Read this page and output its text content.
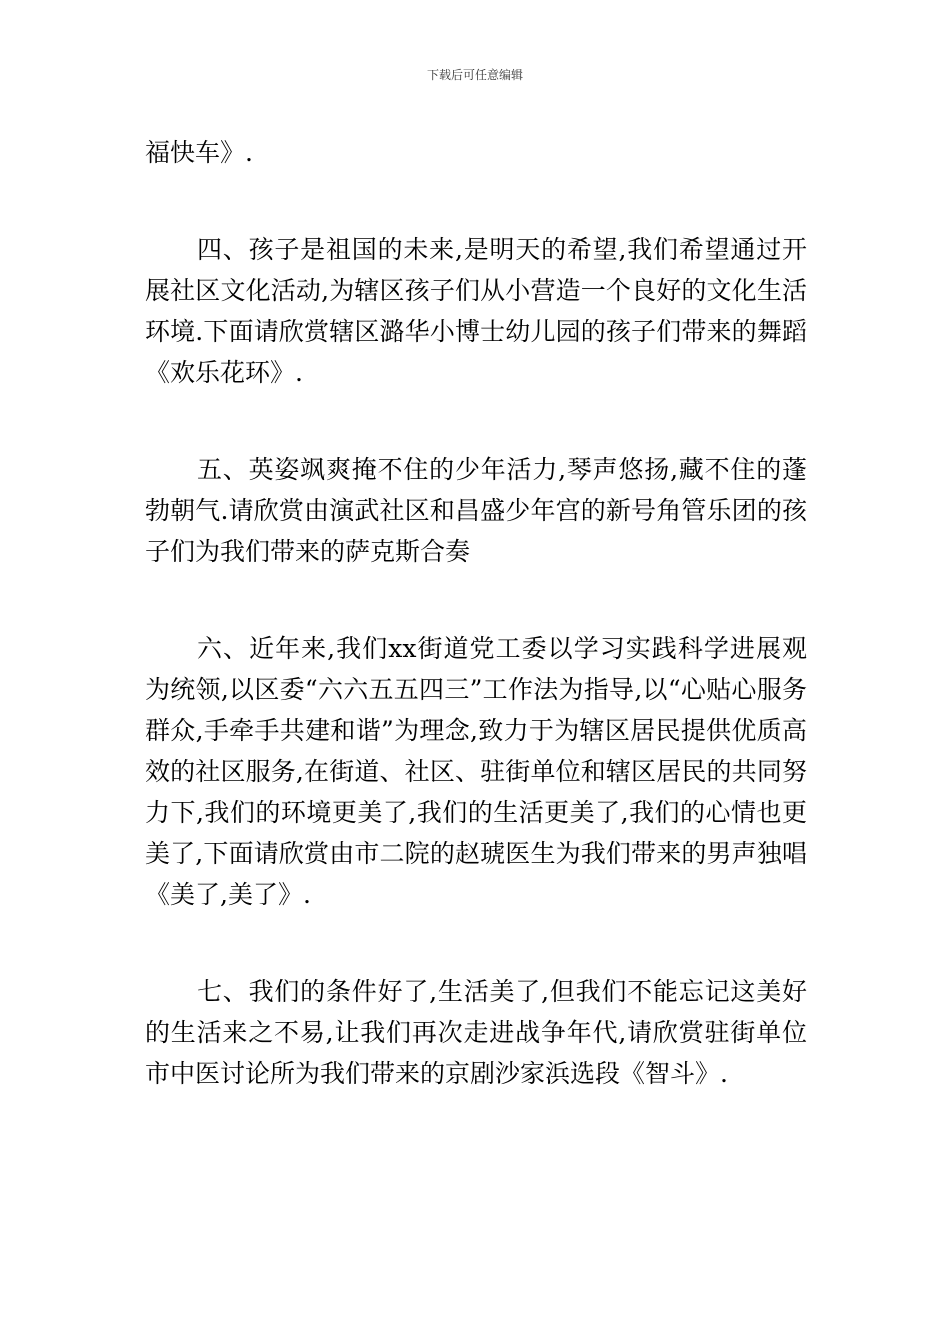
下载后可任意编辑

福快车》.

四、孩子是祖国的未来,是明天的希望,我们希望通过开展社区文化活动,为辖区孩子们从小营造一个良好的文化生活环境.下面请欣赏辖区潞华小博士幼儿园的孩子们带来的舞蹈《欢乐花环》.

五、英姿飒爽掩不住的少年活力,琴声悠扬,藏不住的蓬勃朝气.请欣赏由演武社区和昌盛少年宫的新号角管乐团的孩子们为我们带来的萨克斯合奏

六、近年来,我们xx街道党工委以学习实践科学进展观为统领,以区委“六六五五四三”工作法为指导,以“心贴心服务群众,手牵手共建和谐”为理念,致力于为辖区居民提供优质高效的社区服务,在街道、社区、驻街单位和辖区居民的共同努力下,我们的环境更美了,我们的生活更美了,我们的心情也更美了,下面请欣赏由市二院的赵琥医生为我们带来的男声独唱《美了,美了》.

七、我们的条件好了,生活美了,但我们不能忘记这美好的生活来之不易,让我们再次走进战争年代,请欣赏驻街单位市中医讨论所为我们带来的京剧沙家浜选段《智斗》.
